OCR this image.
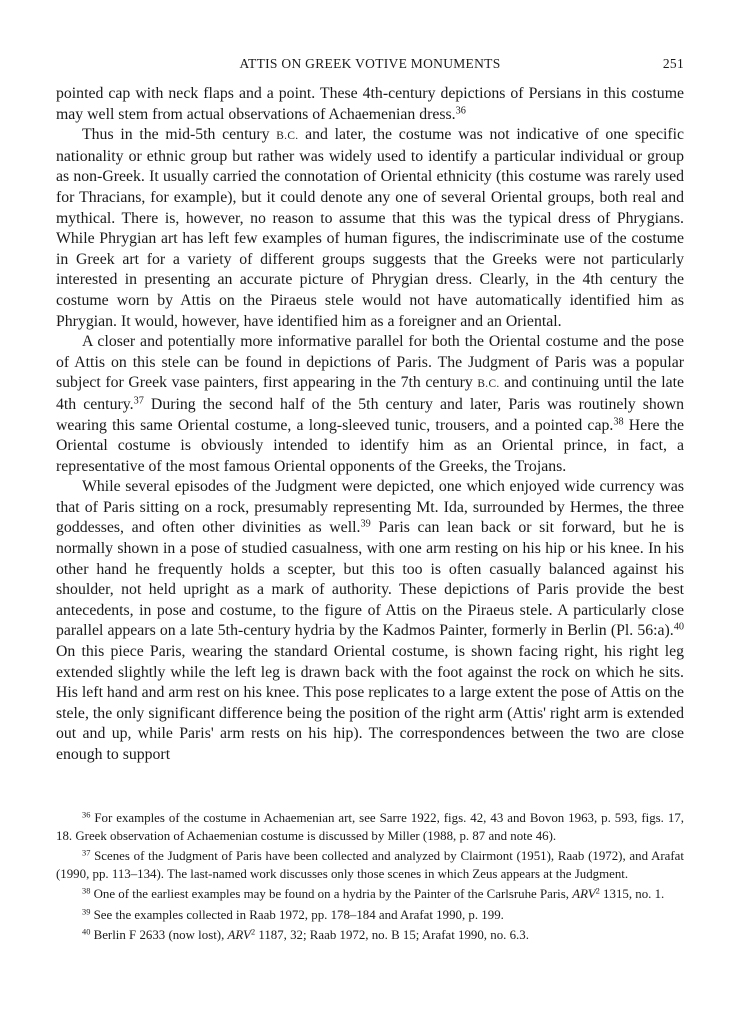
ATTIS ON GREEK VOTIVE MONUMENTS	251

pointed cap with neck flaps and a point. These 4th-century depictions of Persians in this costume may well stem from actual observations of Achaemenian dress.$^{36}$

Thus in the mid-5th century B.C. and later, the costume was not indicative of one specific nationality or ethnic group but rather was widely used to identify a particular individual or group as non-Greek. It usually carried the connotation of Oriental ethnicity (this costume was rarely used for Thracians, for example), but it could denote any one of several Oriental groups, both real and mythical. There is, however, no reason to assume that this was the typical dress of Phrygians. While Phrygian art has left few examples of human figures, the indiscriminate use of the costume in Greek art for a variety of different groups suggests that the Greeks were not particularly interested in presenting an accurate picture of Phrygian dress. Clearly, in the 4th century the costume worn by Attis on the Piraeus stele would not have automatically identified him as Phrygian. It would, however, have identified him as a foreigner and an Oriental.

A closer and potentially more informative parallel for both the Oriental costume and the pose of Attis on this stele can be found in depictions of Paris. The Judgment of Paris was a popular subject for Greek vase painters, first appearing in the 7th century B.C. and continuing until the late 4th century.$^{37}$ During the second half of the 5th century and later, Paris was routinely shown wearing this same Oriental costume, a long-sleeved tunic, trousers, and a pointed cap.$^{38}$ Here the Oriental costume is obviously intended to identify him as an Oriental prince, in fact, a representative of the most famous Oriental opponents of the Greeks, the Trojans.

While several episodes of the Judgment were depicted, one which enjoyed wide currency was that of Paris sitting on a rock, presumably representing Mt. Ida, surrounded by Hermes, the three goddesses, and often other divinities as well.$^{39}$ Paris can lean back or sit forward, but he is normally shown in a pose of studied casualness, with one arm resting on his hip or his knee. In his other hand he frequently holds a scepter, but this too is often casually balanced against his shoulder, not held upright as a mark of authority. These depictions of Paris provide the best antecedents, in pose and costume, to the figure of Attis on the Piraeus stele. A particularly close parallel appears on a late 5th-century hydria by the Kadmos Painter, formerly in Berlin (Pl. 56:a).$^{40}$ On this piece Paris, wearing the standard Oriental costume, is shown facing right, his right leg extended slightly while the left leg is drawn back with the foot against the rock on which he sits. His left hand and arm rest on his knee. This pose replicates to a large extent the pose of Attis on the stele, the only significant difference being the position of the right arm (Attis' right arm is extended out and up, while Paris' arm rests on his hip). The correspondences between the two are close enough to support

$^{36}$ For examples of the costume in Achaemenian art, see Sarre 1922, figs. 42, 43 and Bovon 1963, p. 593, figs. 17, 18. Greek observation of Achaemenian costume is discussed by Miller (1988, p. 87 and note 46).

$^{37}$ Scenes of the Judgment of Paris have been collected and analyzed by Clairmont (1951), Raab (1972), and Arafat (1990, pp. 113–134). The last-named work discusses only those scenes in which Zeus appears at the Judgment.

$^{38}$ One of the earliest examples may be found on a hydria by the Painter of the Carlsruhe Paris, ARV$^2$ 1315, no. 1.

$^{39}$ See the examples collected in Raab 1972, pp. 178–184 and Arafat 1990, p. 199.

$^{40}$ Berlin F 2633 (now lost), ARV$^2$ 1187, 32; Raab 1972, no. B 15; Arafat 1990, no. 6.3.
